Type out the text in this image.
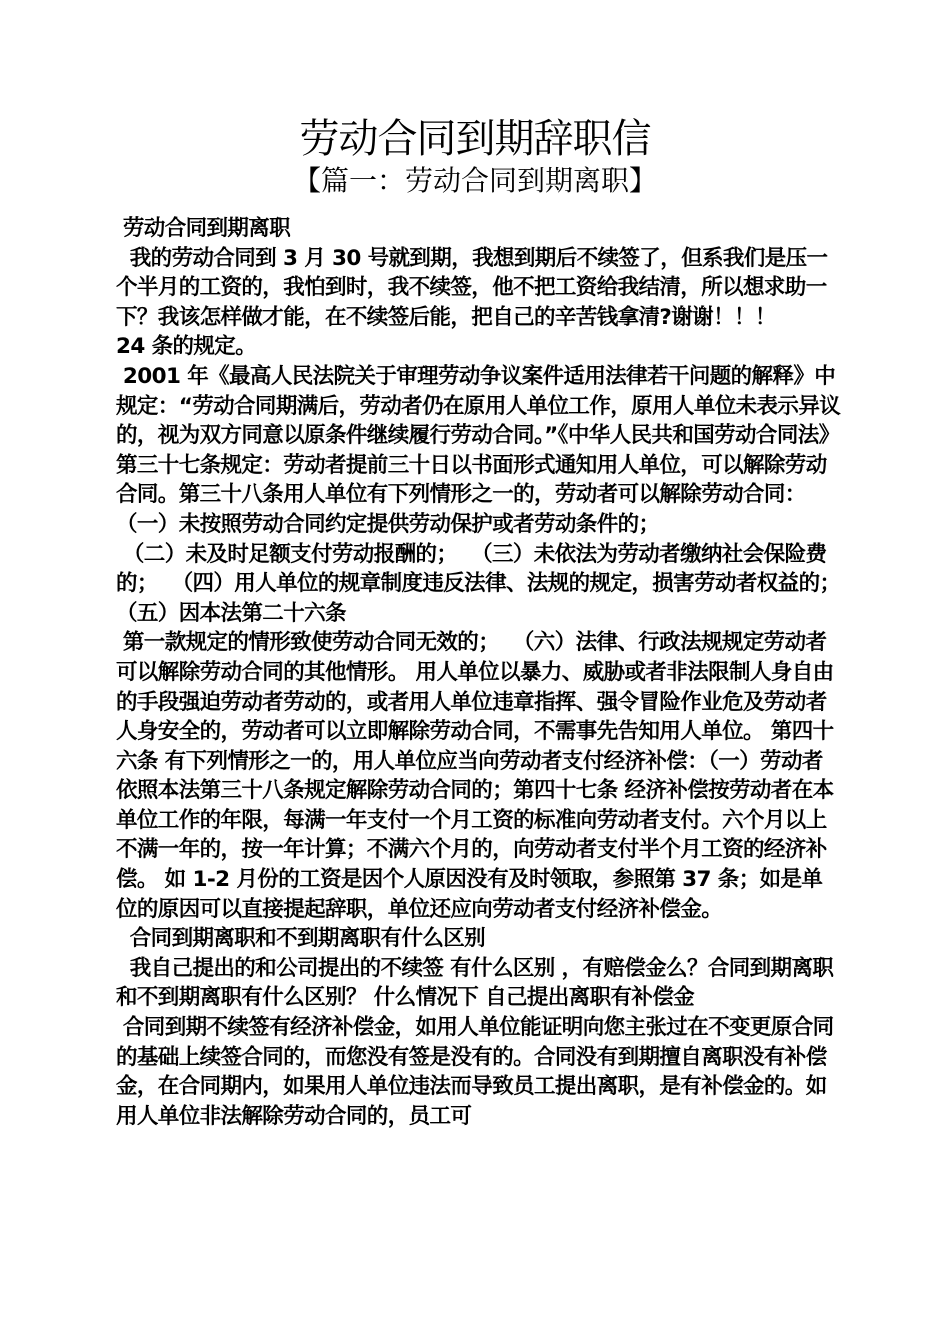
劳动合同到期辞职信
【篇一：劳动合同到期离职】

劳动合同到期离职

我的劳动合同到 3 月 30 号就到期，我想到期后不续签了，但系我们是压一个半月的工资的，我怕到时，我不续签，他不把工资给我结清，所以想求助一下？我该怎样做才能，在不续签后能，把自己的辛苦钱拿清?谢谢！！！

24 条的规定。

2001 年《最高人民法院关于审理劳动争议案件适用法律若干问题的解释》中规定：“劳动合同期满后，劳动者仍在原用人单位工作，原用人单位未表示异议的，视为双方同意以原条件继续履行劳动合同。”《中华人民共和国劳动合同法》第三十七条规定：劳动者提前三十日以书面形式通知用人单位，可以解除劳动合同。第三十八条用人单位有下列情形之一的，劳动者可以解除劳动合同：  （一）未按照劳动合同约定提供劳动保护或者劳动条件的；

（二）未及时足额支付劳动报酬的；  （三）未依法为劳动者缴纳社会保险费的；  （四）用人单位的规章制度违反法律、法规的规定，损害劳动者权益的；  （五）因本法第二十六条

第一款规定的情形致使劳动合同无效的；  （六）法律、行政法规规定劳动者可以解除劳动合同的其他情形。 用人单位以暴力、威胁或者非法限制人身自由的手段强迫劳动者劳动的，或者用人单位违章指挥、强令冒险作业危及劳动者人身安全的，劳动者可以立即解除劳动合同，不需事先告知用人单位。 第四十六条 有下列情形之一的，用人单位应当向劳动者支付经济补偿：（一）劳动者依照本法第三十八条规定解除劳动合同的；第四十七条 经济补偿按劳动者在本单位工作的年限，每满一年支付一个月工资的标准向劳动者支付。六个月以上不满一年的，按一年计算；不满六个月的，向劳动者支付半个月工资的经济补偿。 如 1-2 月份的工资是因个人原因没有及时领取，参照第 37 条；如是单位的原因可以直接提起辞职，单位还应向劳动者支付经济补偿金。

合同到期离职和不到期离职有什么区别

我自己提出的和公司提出的不续签 有什么区别 ，有赔偿金么？合同到期离职和不到期离职有什么区别？ 什么情况下 自己提出离职有补偿金

合同到期不续签有经济补偿金，如用人单位能证明向您主张过在不变更原合同的基础上续签合同的，而您没有签是没有的。合同没有到期擅自离职没有补偿金，在合同期内，如果用人单位违法而导致员工提出离职，是有补偿金的。如用人单位非法解除劳动合同的，员工可
